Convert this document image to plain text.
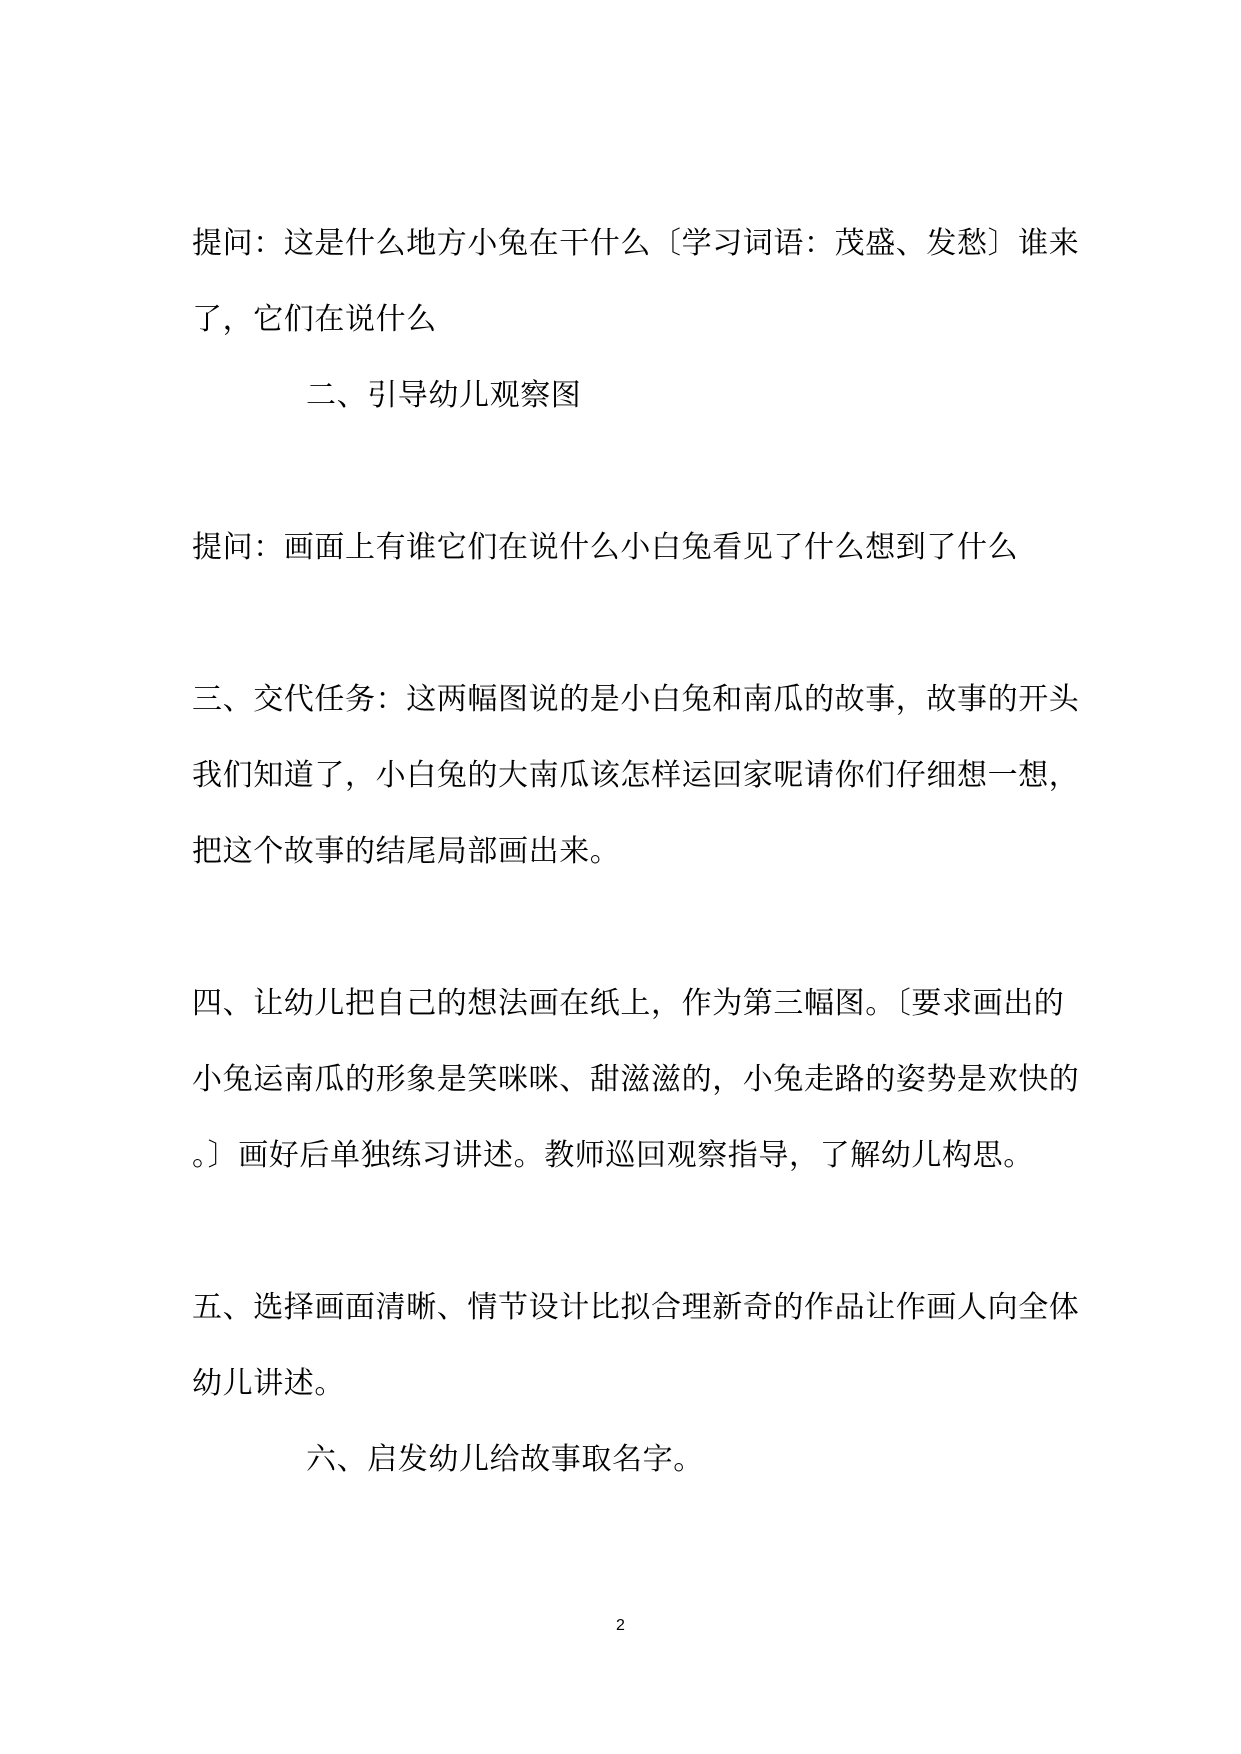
提问：这是什么地方小兔在干什么〔学习词语：茂盛、发愁〕谁来
了，它们在说什么
二、引导幼儿观察图
提问：画面上有谁它们在说什么小白兔看见了什么想到了什么
三、交代任务：这两幅图说的是小白兔和南瓜的故事，故事的开头
我们知道了，小白兔的大南瓜该怎样运回家呢请你们仔细想一想，
把这个故事的结尾局部画出来。
四、让幼儿把自己的想法画在纸上，作为第三幅图。〔要求画出的
小兔运南瓜的形象是笑咪咪、甜滋滋的，小兔走路的姿势是欢快的
。〕画好后单独练习讲述。教师巡回观察指导，了解幼儿构思。
五、选择画面清晰、情节设计比拟合理新奇的作品让作画人向全体
幼儿讲述。
六、启发幼儿给故事取名字。
2
